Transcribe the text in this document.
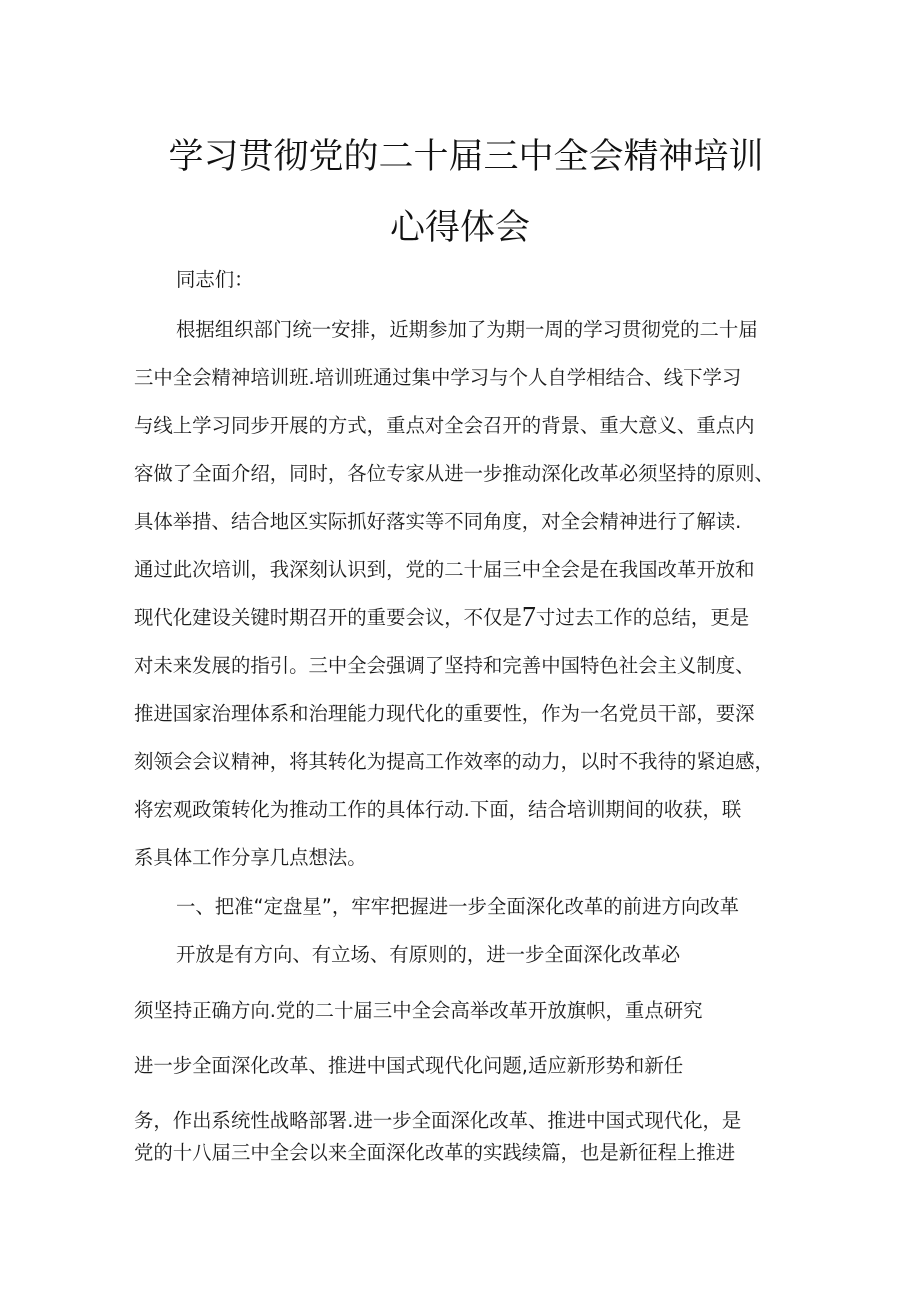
学习贯彻党的二十届三中全会精神培训
心得体会
同志们：
根据组织部门统一安排，近期参加了为期一周的学习贯彻党的二十届
三中全会精神培训班.培训班通过集中学习与个人自学相结合、线下学习
与线上学习同步开展的方式，重点对全会召开的背景、重大意义、重点内
容做了全面介绍，同时，各位专家从进一步推动深化改革必须坚持的原则、
具体举措、结合地区实际抓好落实等不同角度，对全会精神进行了解读.
通过此次培训，我深刻认识到，党的二十届三中全会是在我国改革开放和
现代化建设关键时期召开的重要会议，不仅是7寸过去工作的总结，更是
对未来发展的指引。三中全会强调了坚持和完善中国特色社会主义制度、
推进国家治理体系和治理能力现代化的重要性，作为一名党员干部，要深
刻领会会议精神，将其转化为提高工作效率的动力，以时不我待的紧迫感，
将宏观政策转化为推动工作的具体行动.下面，结合培训期间的收获，联
系具体工作分享几点想法。
一、把准“定盘星”，牢牢把握进一步全面深化改革的前进方向改革
开放是有方向、有立场、有原则的，进一步全面深化改革必
须坚持正确方向.党的二十届三中全会高举改革开放旗帜，重点研究
进一步全面深化改革、推进中国式现代化问题,适应新形势和新任
务，作出系统性战略部署.进一步全面深化改革、推进中国式现代化，是
党的十八届三中全会以来全面深化改革的实践续篇，也是新征程上推进
